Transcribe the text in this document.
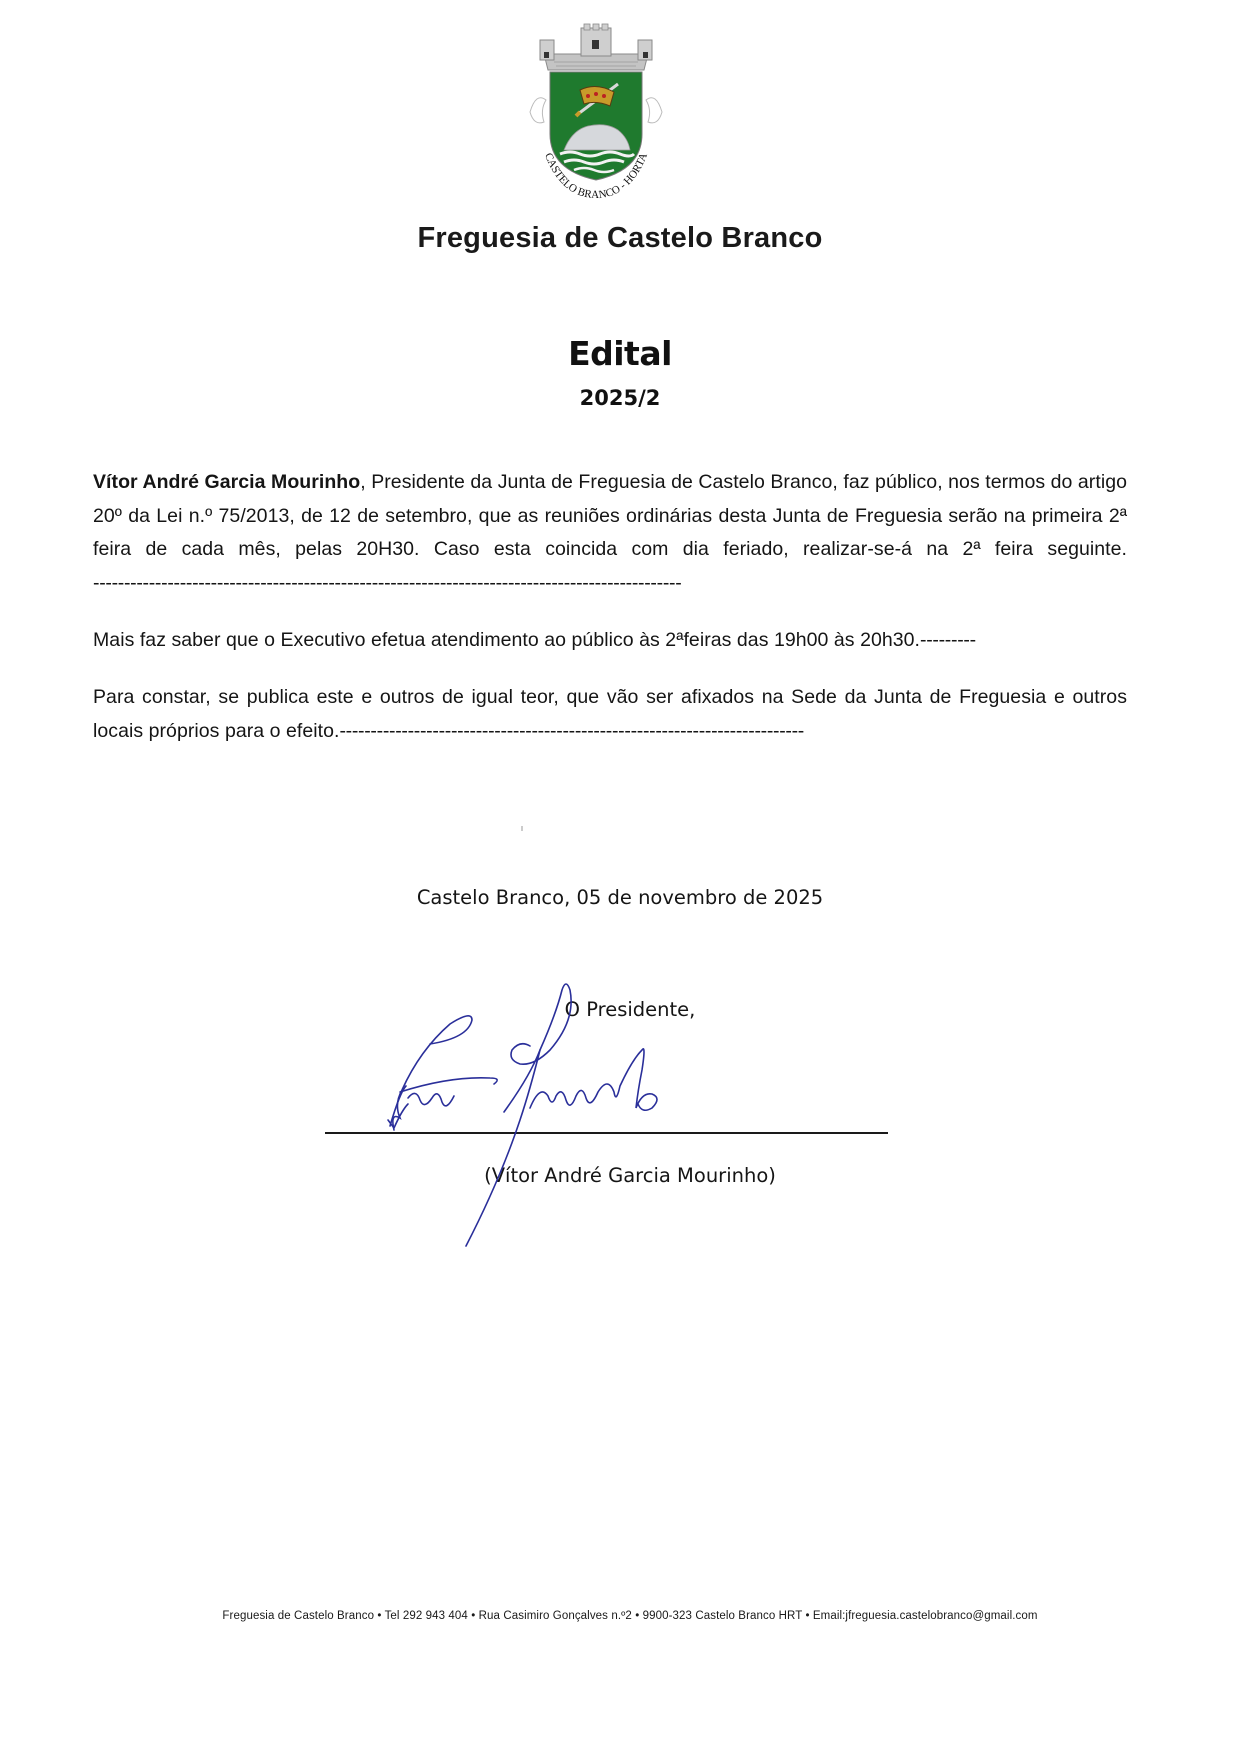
CASTELO BRANCO - HORTA
Freguesia de Castelo Branco
Edital
2025/2

Vítor André Garcia Mourinho, Presidente da Junta de Freguesia de Castelo Branco, faz público, nos termos do artigo 20º da Lei n.º 75/2013, de 12 de setembro, que as reuniões ordinárias desta Junta de Freguesia serão na primeira 2ª feira de cada mês, pelas 20H30. Caso esta coincida com dia feriado, realizar-se-á na 2ª feira seguinte.-----------------------------------------------------------------------------------------------

Mais faz saber que o Executivo efetua atendimento ao público às 2ªfeiras das 19h00 às 20h30.---------

Para constar, se publica este e outros de igual teor, que vão ser afixados na Sede da Junta de Freguesia e outros locais próprios para o efeito.---------------------------------------------------------------------------

Castelo Branco, 05 de novembro de 2025
O Presidente,
(Vítor André Garcia Mourinho)
Freguesia de Castelo Branco • Tel 292 943 404 • Rua Casimiro Gonçalves n.º2 • 9900-323 Castelo Branco HRT • Email:jfreguesia.castelobranco@gmail.com
